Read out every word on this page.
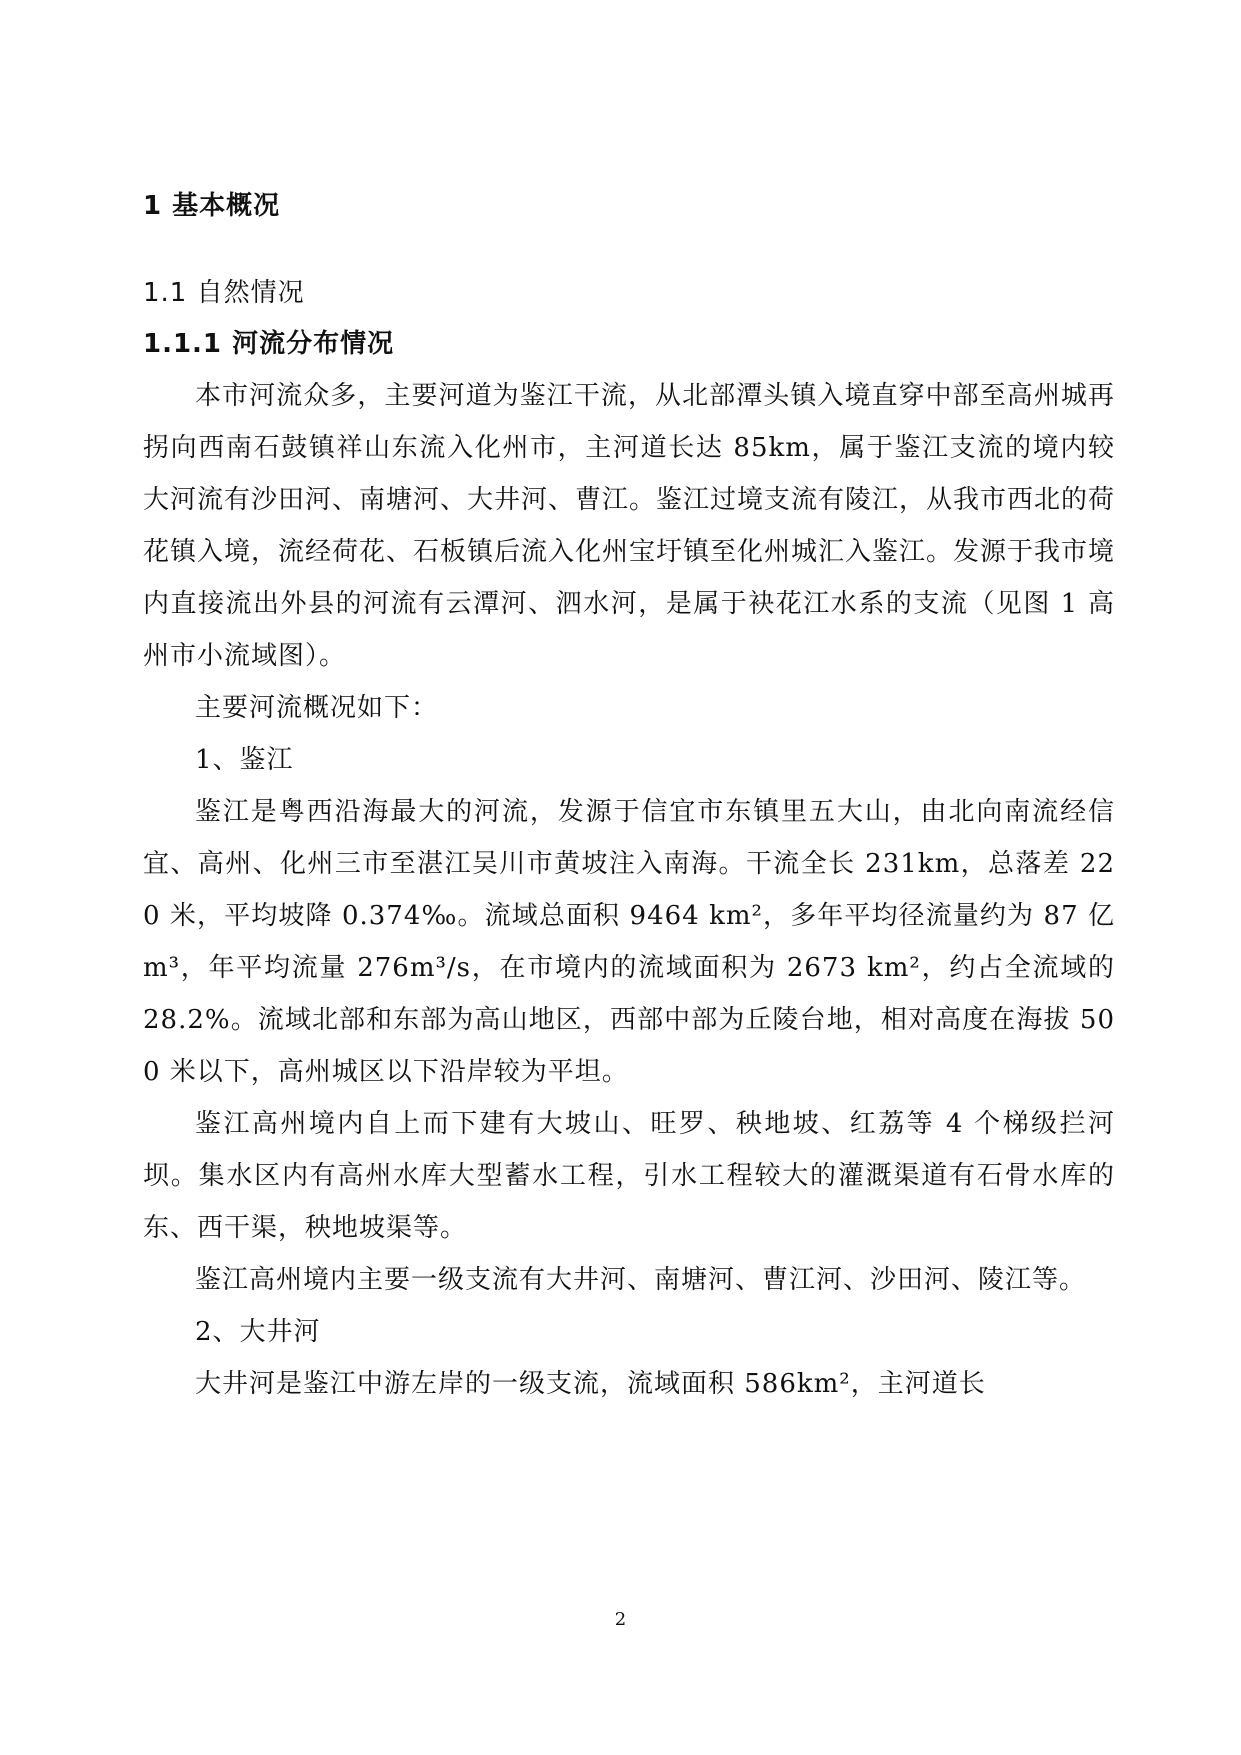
1 基本概况
1.1 自然情况
1.1.1 河流分布情况

本市河流众多，主要河道为鉴江干流，从北部潭头镇入境直穿中部至高州城再拐向西南石鼓镇祥山东流入化州市，主河道长达 85km，属于鉴江支流的境内较大河流有沙田河、南塘河、大井河、曹江。鉴江过境支流有陵江，从我市西北的荷花镇入境，流经荷花、石板镇后流入化州宝圩镇至化州城汇入鉴江。发源于我市境内直接流出外县的河流有云潭河、泗水河，是属于袂花江水系的支流（见图 1 高州市小流域图）。

主要河流概况如下：

1、鉴江

鉴江是粤西沿海最大的河流，发源于信宜市东镇里五大山，由北向南流经信宜、高州、化州三市至湛江吴川市黄坡注入南海。干流全长 231km，总落差 220 米，平均坡降 0.374‰。流域总面积 9464 km²，多年平均径流量约为 87 亿 m³，年平均流量 276m³/s，在市境内的流域面积为 2673 km²，约占全流域的 28.2%。流域北部和东部为高山地区，西部中部为丘陵台地，相对高度在海拔 500 米以下，高州城区以下沿岸较为平坦。

鉴江高州境内自上而下建有大坡山、旺罗、秧地坡、红荔等 4 个梯级拦河坝。集水区内有高州水库大型蓄水工程，引水工程较大的灌溉渠道有石骨水库的东、西干渠，秧地坡渠等。

鉴江高州境内主要一级支流有大井河、南塘河、曹江河、沙田河、陵江等。

2、大井河

大井河是鉴江中游左岸的一级支流，流域面积 586km²，主河道长

2
